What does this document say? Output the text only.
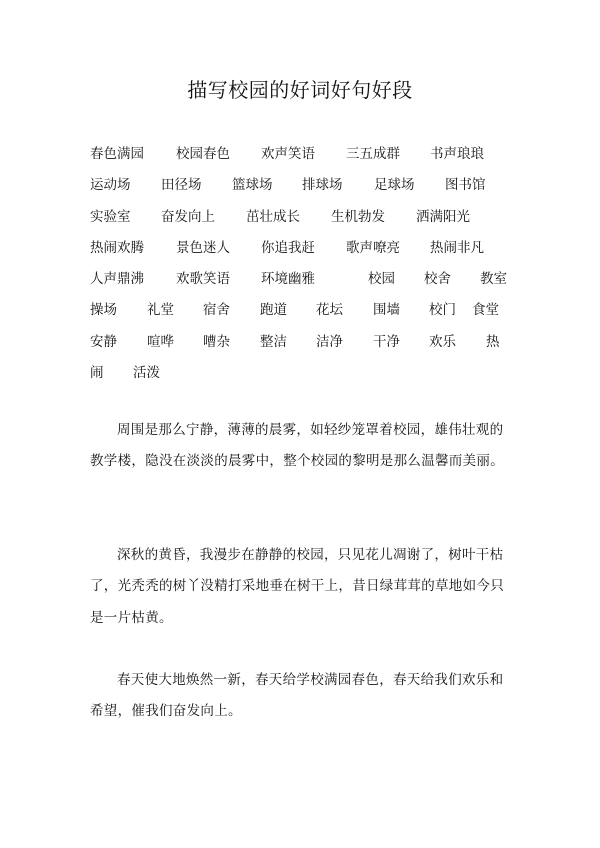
描写校园的好词好句好段
春色满园 校园春色 欢声笑语 三五成群 书声琅琅
运动场 田径场 篮球场 排球场 足球场 图书馆
实验室 奋发向上 茁壮成长 生机勃发 洒满阳光
热闹欢腾 景色迷人 你追我赶 歌声嘹亮 热闹非凡
人声鼎沸 欢歌笑语 环境幽雅	校园 校舍 教室
操场 礼堂 宿舍 跑道 花坛 围墙 校门 食堂
安静 喧哗 嘈杂 整洁 洁净 干净 欢乐 热
闹 活泼

周围是那么宁静，薄薄的晨雾，如轻纱笼罩着校园，雄伟壮观的教学楼，隐没在淡淡的晨雾中，整个校园的黎明是那么温馨而美丽。

深秋的黄昏，我漫步在静静的校园，只见花儿凋谢了，树叶干枯了，光秃秃的树丫没精打采地垂在树干上，昔日绿茸茸的草地如今只是一片枯黄。

春天使大地焕然一新，春天给学校满园春色，春天给我们欢乐和希望，催我们奋发向上。
